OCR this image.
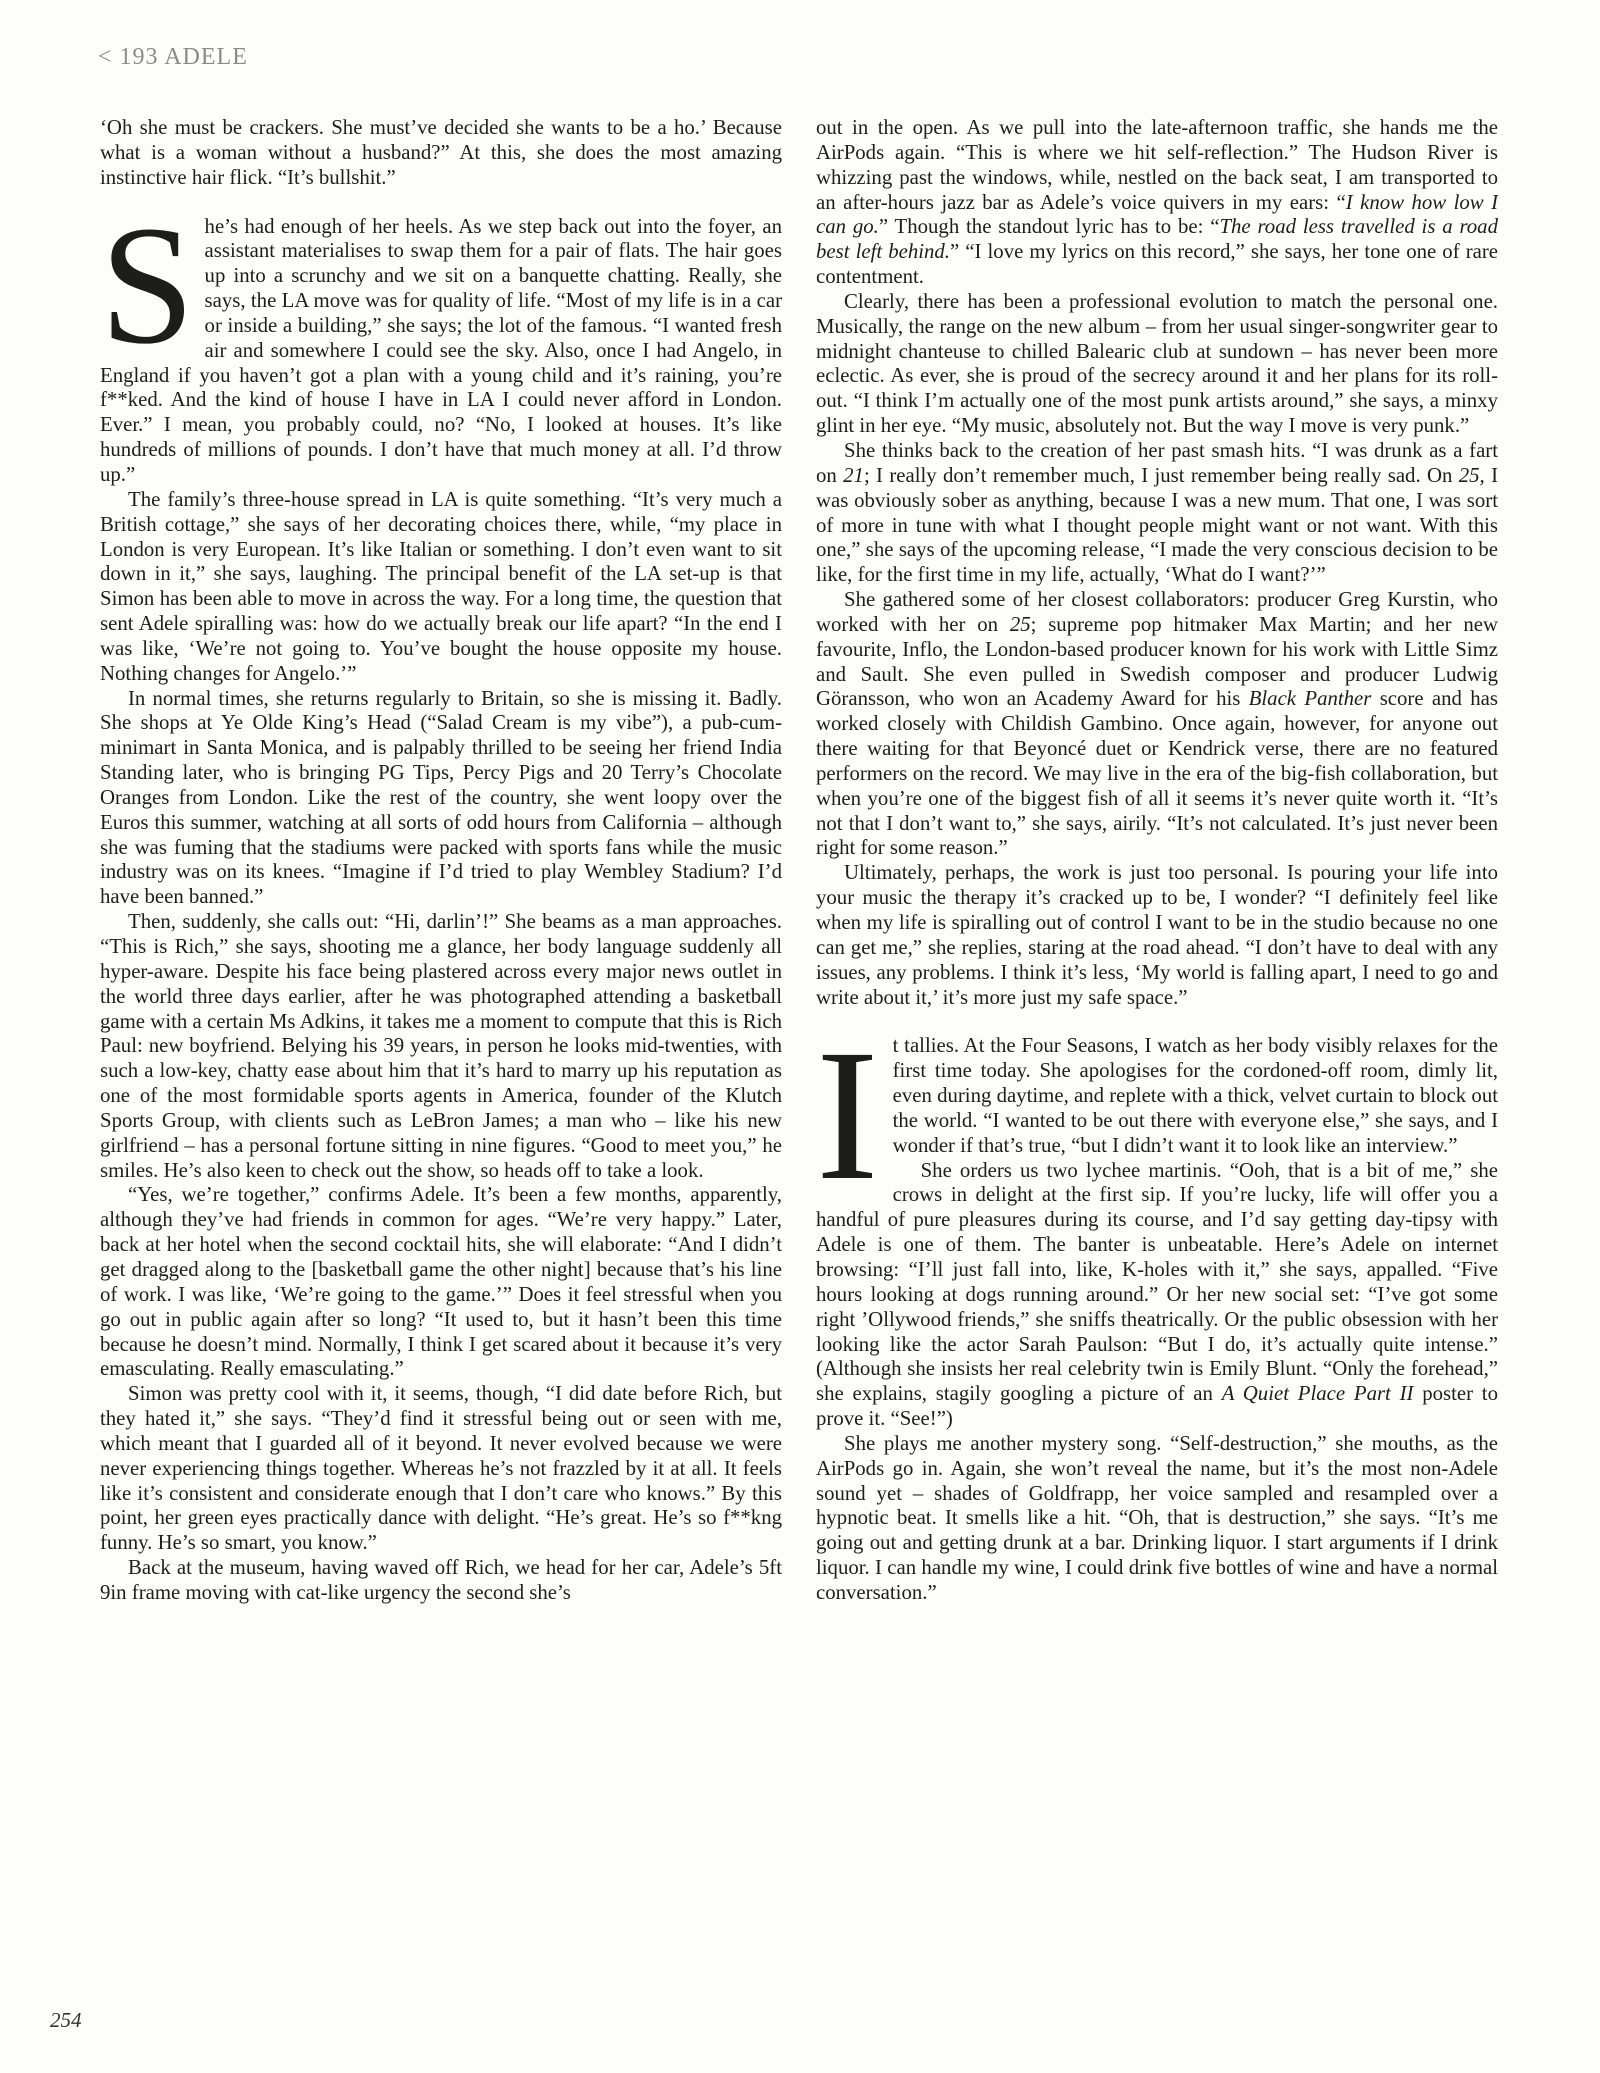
< 193 ADELE

‘Oh she must be crackers. She must’ve decided she wants to be a ho.’ Because what is a woman without a husband?” At this, she does the most amazing instinctive hair flick. “It’s bullshit.”

She’s had enough of her heels. As we step back out into the foyer, an assistant materialises to swap them for a pair of flats. The hair goes up into a scrunchy and we sit on a banquette chatting. Really, she says, the LA move was for quality of life. “Most of my life is in a car or inside a building,” she says; the lot of the famous. “I wanted fresh air and somewhere I could see the sky. Also, once I had Angelo, in England if you haven’t got a plan with a young child and it’s raining, you’re f**ked. And the kind of house I have in LA I could never afford in London. Ever.” I mean, you probably could, no? “No, I looked at houses. It’s like hundreds of millions of pounds. I don’t have that much money at all. I’d throw up.”

The family’s three-house spread in LA is quite something. “It’s very much a British cottage,” she says of her decorating choices there, while, “my place in London is very European. It’s like Italian or something. I don’t even want to sit down in it,” she says, laughing. The principal benefit of the LA set-up is that Simon has been able to move in across the way. For a long time, the question that sent Adele spiralling was: how do we actually break our life apart? “In the end I was like, ‘We’re not going to. You’ve bought the house opposite my house. Nothing changes for Angelo.’”

In normal times, she returns regularly to Britain, so she is missing it. Badly. She shops at Ye Olde King’s Head (“Salad Cream is my vibe”), a pub-cum-minimart in Santa Monica, and is palpably thrilled to be seeing her friend India Standing later, who is bringing PG Tips, Percy Pigs and 20 Terry’s Chocolate Oranges from London. Like the rest of the country, she went loopy over the Euros this summer, watching at all sorts of odd hours from California – although she was fuming that the stadiums were packed with sports fans while the music industry was on its knees. “Imagine if I’d tried to play Wembley Stadium? I’d have been banned.”

Then, suddenly, she calls out: “Hi, darlin’!” She beams as a man approaches. “This is Rich,” she says, shooting me a glance, her body language suddenly all hyper-aware. Despite his face being plastered across every major news outlet in the world three days earlier, after he was photographed attending a basketball game with a certain Ms Adkins, it takes me a moment to compute that this is Rich Paul: new boyfriend. Belying his 39 years, in person he looks mid-twenties, with such a low-key, chatty ease about him that it’s hard to marry up his reputation as one of the most formidable sports agents in America, founder of the Klutch Sports Group, with clients such as LeBron James; a man who – like his new girlfriend – has a personal fortune sitting in nine figures. “Good to meet you,” he smiles. He’s also keen to check out the show, so heads off to take a look.

“Yes, we’re together,” confirms Adele. It’s been a few months, apparently, although they’ve had friends in common for ages. “We’re very happy.” Later, back at her hotel when the second cocktail hits, she will elaborate: “And I didn’t get dragged along to the [basketball game the other night] because that’s his line of work. I was like, ‘We’re going to the game.’” Does it feel stressful when you go out in public again after so long? “It used to, but it hasn’t been this time because he doesn’t mind. Normally, I think I get scared about it because it’s very emasculating. Really emasculating.”

Simon was pretty cool with it, it seems, though, “I did date before Rich, but they hated it,” she says. “They’d find it stressful being out or seen with me, which meant that I guarded all of it beyond. It never evolved because we were never experiencing things together. Whereas he’s not frazzled by it at all. It feels like it’s consistent and considerate enough that I don’t care who knows.” By this point, her green eyes practically dance with delight. “He’s great. He’s so f**kng funny. He’s so smart, you know.”

Back at the museum, having waved off Rich, we head for her car, Adele’s 5ft 9in frame moving with cat-like urgency the second she’s

out in the open. As we pull into the late-afternoon traffic, she hands me the AirPods again. “This is where we hit self-reflection.” The Hudson River is whizzing past the windows, while, nestled on the back seat, I am transported to an after-hours jazz bar as Adele’s voice quivers in my ears: “I know how low I can go.” Though the standout lyric has to be: “The road less travelled is a road best left behind.” “I love my lyrics on this record,” she says, her tone one of rare contentment.

Clearly, there has been a professional evolution to match the personal one. Musically, the range on the new album – from her usual singer-songwriter gear to midnight chanteuse to chilled Balearic club at sundown – has never been more eclectic. As ever, she is proud of the secrecy around it and her plans for its roll-out. “I think I’m actually one of the most punk artists around,” she says, a minxy glint in her eye. “My music, absolutely not. But the way I move is very punk.”

She thinks back to the creation of her past smash hits. “I was drunk as a fart on 21; I really don’t remember much, I just remember being really sad. On 25, I was obviously sober as anything, because I was a new mum. That one, I was sort of more in tune with what I thought people might want or not want. With this one,” she says of the upcoming release, “I made the very conscious decision to be like, for the first time in my life, actually, ‘What do I want?’”

She gathered some of her closest collaborators: producer Greg Kurstin, who worked with her on 25; supreme pop hitmaker Max Martin; and her new favourite, Inflo, the London-based producer known for his work with Little Simz and Sault. She even pulled in Swedish composer and producer Ludwig Göransson, who won an Academy Award for his Black Panther score and has worked closely with Childish Gambino. Once again, however, for anyone out there waiting for that Beyoncé duet or Kendrick verse, there are no featured performers on the record. We may live in the era of the big-fish collaboration, but when you’re one of the biggest fish of all it seems it’s never quite worth it. “It’s not that I don’t want to,” she says, airily. “It’s not calculated. It’s just never been right for some reason.”

Ultimately, perhaps, the work is just too personal. Is pouring your life into your music the therapy it’s cracked up to be, I wonder? “I definitely feel like when my life is spiralling out of control I want to be in the studio because no one can get me,” she replies, staring at the road ahead. “I don’t have to deal with any issues, any problems. I think it’s less, ‘My world is falling apart, I need to go and write about it,’ it’s more just my safe space.”

It tallies. At the Four Seasons, I watch as her body visibly relaxes for the first time today. She apologises for the cordoned-off room, dimly lit, even during daytime, and replete with a thick, velvet curtain to block out the world. “I wanted to be out there with everyone else,” she says, and I wonder if that’s true, “but I didn’t want it to look like an interview.”

She orders us two lychee martinis. “Ooh, that is a bit of me,” she crows in delight at the first sip. If you’re lucky, life will offer you a handful of pure pleasures during its course, and I’d say getting day-tipsy with Adele is one of them. The banter is unbeatable. Here’s Adele on internet browsing: “I’ll just fall into, like, K-holes with it,” she says, appalled. “Five hours looking at dogs running around.” Or her new social set: “I’ve got some right ’Ollywood friends,” she sniffs theatrically. Or the public obsession with her looking like the actor Sarah Paulson: “But I do, it’s actually quite intense.” (Although she insists her real celebrity twin is Emily Blunt. “Only the forehead,” she explains, stagily googling a picture of an A Quiet Place Part II poster to prove it. “See!”)

She plays me another mystery song. “Self-destruction,” she mouths, as the AirPods go in. Again, she won’t reveal the name, but it’s the most non-Adele sound yet – shades of Goldfrapp, her voice sampled and resampled over a hypnotic beat. It smells like a hit. “Oh, that is destruction,” she says. “It’s me going out and getting drunk at a bar. Drinking liquor. I start arguments if I drink liquor. I can handle my wine, I could drink five bottles of wine and have a normal conversation.”

254
